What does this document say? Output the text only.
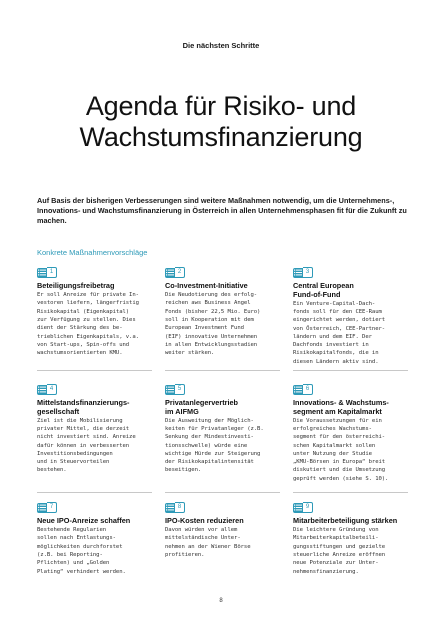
Die nächsten Schritte
Agenda für Risiko- und
Wachstumsfinanzierung
Auf Basis der bisherigen Verbesserungen sind weitere Maßnahmen notwendig, um die Unternehmens-, Innovations- und Wachstumsfinanzierung in Österreich in allen Unternehmensphasen fit für die Zukunft zu machen.
Konkrete Maßnahmenvorschläge
1
Beteiligungsfreibetrag
Er soll Anreize für private In-
vestoren liefern, längerfristig
Risikokapital (Eigenkapital)
zur Verfügung zu stellen. Dies
dient der Stärkung des be-
trieblichen Eigenkapitals, v.a.
von Start-ups, Spin-offs und
wachstumsorientierten KMU.
2
Co-Investment-Initiative
Die Neudotierung des erfolg-
reichen aws Business Angel
Fonds (bisher 22,5 Mio. Euro)
soll in Kooperation mit dem
European Investment Fund
(EIF) innovative Unternehmen
in allen Entwicklungsstadien
weiter stärken.
3
Central European
Fund-of-Fund
Ein Venture-Capital-Dach-
fonds soll für den CEE-Raum
eingerichtet werden, dotiert
von Österreich, CEE-Partner-
ländern und dem EIF. Der
Dachfonds investiert in
Risikokapitalfonds, die in
diesen Ländern aktiv sind.
4
Mittelstandsfinanzierungs-
gesellschaft
Ziel ist die Mobilisierung
privater Mittel, die derzeit
nicht investiert sind. Anreize
dafür können in verbesserten
Investitionsbedingungen
und in Steuervorteilen
bestehen.
5
Privatanlegervertrieb
im AIFMG
Die Ausweitung der Möglich-
keiten für Privatanleger (z.B.
Senkung der Mindestinvesti-
tionsschwelle) würde eine
wichtige Hürde zur Steigerung
der Risikokapitalintensität
beseitigen.
6
Innovations- & Wachstums-
segment am Kapitalmarkt
Die Voraussetzungen für ein
erfolgreiches Wachstums-
segment für den österreichi-
schen Kapitalmarkt sollen
unter Nutzung der Studie
„KMU-Börsen in Europa“ breit
diskutiert und die Umsetzung
geprüft werden (siehe S. 10).
7
Neue IPO-Anreize schaffen
Bestehende Regularien
sollen nach Entlastungs-
möglichkeiten durchforstet
(z.B. bei Reporting-
Pflichten) und „Golden
Plating“ verhindert werden.
8
IPO-Kosten reduzieren
Davon würden vor allem
mittelständische Unter-
nehmen an der Wiener Börse
profitieren.
9
Mitarbeiterbeteiligung stärken
Die leichtere Gründung von
Mitarbeiterkapitalbeteili-
gungsstiftungen und gezielte
steuerliche Anreize eröffnen
neue Potenziale zur Unter-
nehmensfinanzierung.
8
